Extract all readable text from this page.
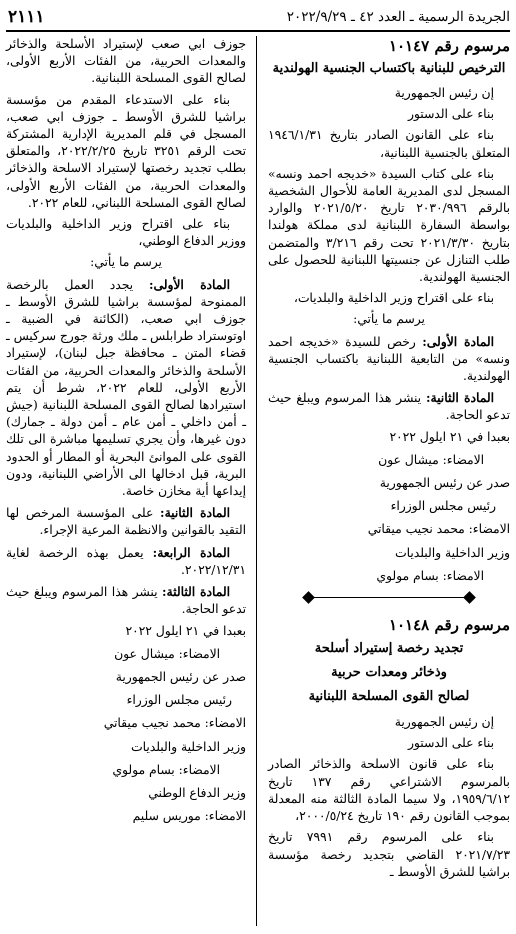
الجريدة الرسمية ـ العدد ٤٢ ـ ٢٠٢٢/٩/٢٩
٢١١١
مرسوم رقم ١٠١٤٧
الترخيص للبنانية باكتساب الجنسية الهولندية

إن رئيس الجمهورية

بناء على الدستور

بناء على القانون الصادر بتاريخ ١٩٤٦/١/٣١ المتعلق بالجنسية اللبنانية،

بناء على كتاب السيدة «خديجه احمد ونسه» المسجل لدى المديرية العامة للأحوال الشخصية بالرقم ٢٠٣٠/٩٩٦ تاريخ ٢٠٢١/٥/٢٠ والوارد بواسطة السفارة اللبنانية لدى مملكة هولندا بتاريخ ٢٠٢١/٣/٣٠ تحت رقم ٣/٢١٦ والمتضمن طلب التنازل عن جنسيتها اللبنانية للحصول على الجنسية الهولندية.

بناء على اقتراح وزير الداخلية والبلديات،

يرسم ما يأتي:

المادة الأولى: رخص للسيدة «خديجه احمد ونسه» من التابعية اللبنانية باكتساب الجنسية الهولندية.

المادة الثانية: ينشر هذا المرسوم ويبلغ حيث تدعو الحاجة.

بعبدا في ٢١ ايلول ٢٠٢٢

الامضاء: ميشال عون

صدر عن رئيس الجمهورية

رئيس مجلس الوزراء

الامضاء: محمد نجيب ميقاتي

وزير الداخلية والبلديات

الامضاء: بسام مولوي

مرسوم رقم ١٠١٤٨
تجديد رخصة إستيراد أسلحة
وذخائر ومعدات حربية
لصالح القوى المسلحة اللبنانية

إن رئيس الجمهورية

بناء على الدستور

بناء على قانون الاسلحة والذخائر الصادر بالمرسوم الاشتراعي رقم ١٣٧ تاريخ ١٩٥٩/٦/١٢، ولا سيما المادة الثالثة منه المعدلة بموجب القانون رقم ١٩٠ تاريخ ٢٠٠٠/٥/٢٤،

بناء على المرسوم رقم ٧٩٩١ تاريخ ٢٠٢١/٧/٢٣ القاضي بتجديد رخصة مؤسسة براشيا للشرق الأوسط ـ

جوزف ابي صعب لإستيراد الأسلحة والذخائر والمعدات الحربية، من الفئات الأربع الأولى، لصالح القوى المسلحة اللبنانية.

بناء على الاستدعاء المقدم من مؤسسة براشيا للشرق الأوسط ـ جوزف ابي صعب، المسجل في قلم المديرية الإدارية المشتركة تحت الرقم ٣٢٥١ تاريخ ٢٠٢٢/٢/٢٥، والمتعلق بطلب تجديد رخصتها لإستيراد الاسلحة والذخائر والمعدات الحربية، من الفئات الأربع الأولى، لصالح القوى المسلحة اللبناني، للعام ٢٠٢٢.

بناء على اقتراح وزير الداخلية والبلديات ووزير الدفاع الوطني،

يرسم ما يأتي:

المادة الأولى: يجدد العمل بالرخصة الممنوحة لمؤسسة براشيا للشرق الأوسط ـ جوزف ابي صعب، (الكائنة في الضبية ـ اوتوستراد طرابلس ـ ملك ورثة جورج سركيس ـ قضاء المتن ـ محافظة جبل لبنان)، لإستيراد الأسلحة والذخائر والمعدات الحربية، من الفئات الأربع الأولى، للعام ٢٠٢٢، شرط أن يتم استيرادها لصالح القوى المسلحة اللبنانية (جيش ـ أمن داخلي ـ أمن عام ـ أمن دولة ـ جمارك) دون غيرها، وأن يجري تسليمها مباشرة الى تلك القوى على الموانئ البحرية أو المطار أو الحدود البرية، قبل ادخالها الى الأراضي اللبنانية، ودون إيداعها أية مخازن خاصة.

المادة الثانية: على المؤسسة المرخص لها التقيد بالقوانين والانظمة المرعية الإجراء.

المادة الرابعة: يعمل بهذه الرخصة لغاية ٢٠٢٢/١٢/٣١.

المادة الثالثة: ينشر هذا المرسوم ويبلغ حيث تدعو الحاجة.

بعبدا في ٢١ ايلول ٢٠٢٢

الامضاء: ميشال عون

صدر عن رئيس الجمهورية

رئيس مجلس الوزراء

الامضاء: محمد نجيب ميقاتي

وزير الداخلية والبلديات

الامضاء: بسام مولوي

وزير الدفاع الوطني

الامضاء: موريس سليم
